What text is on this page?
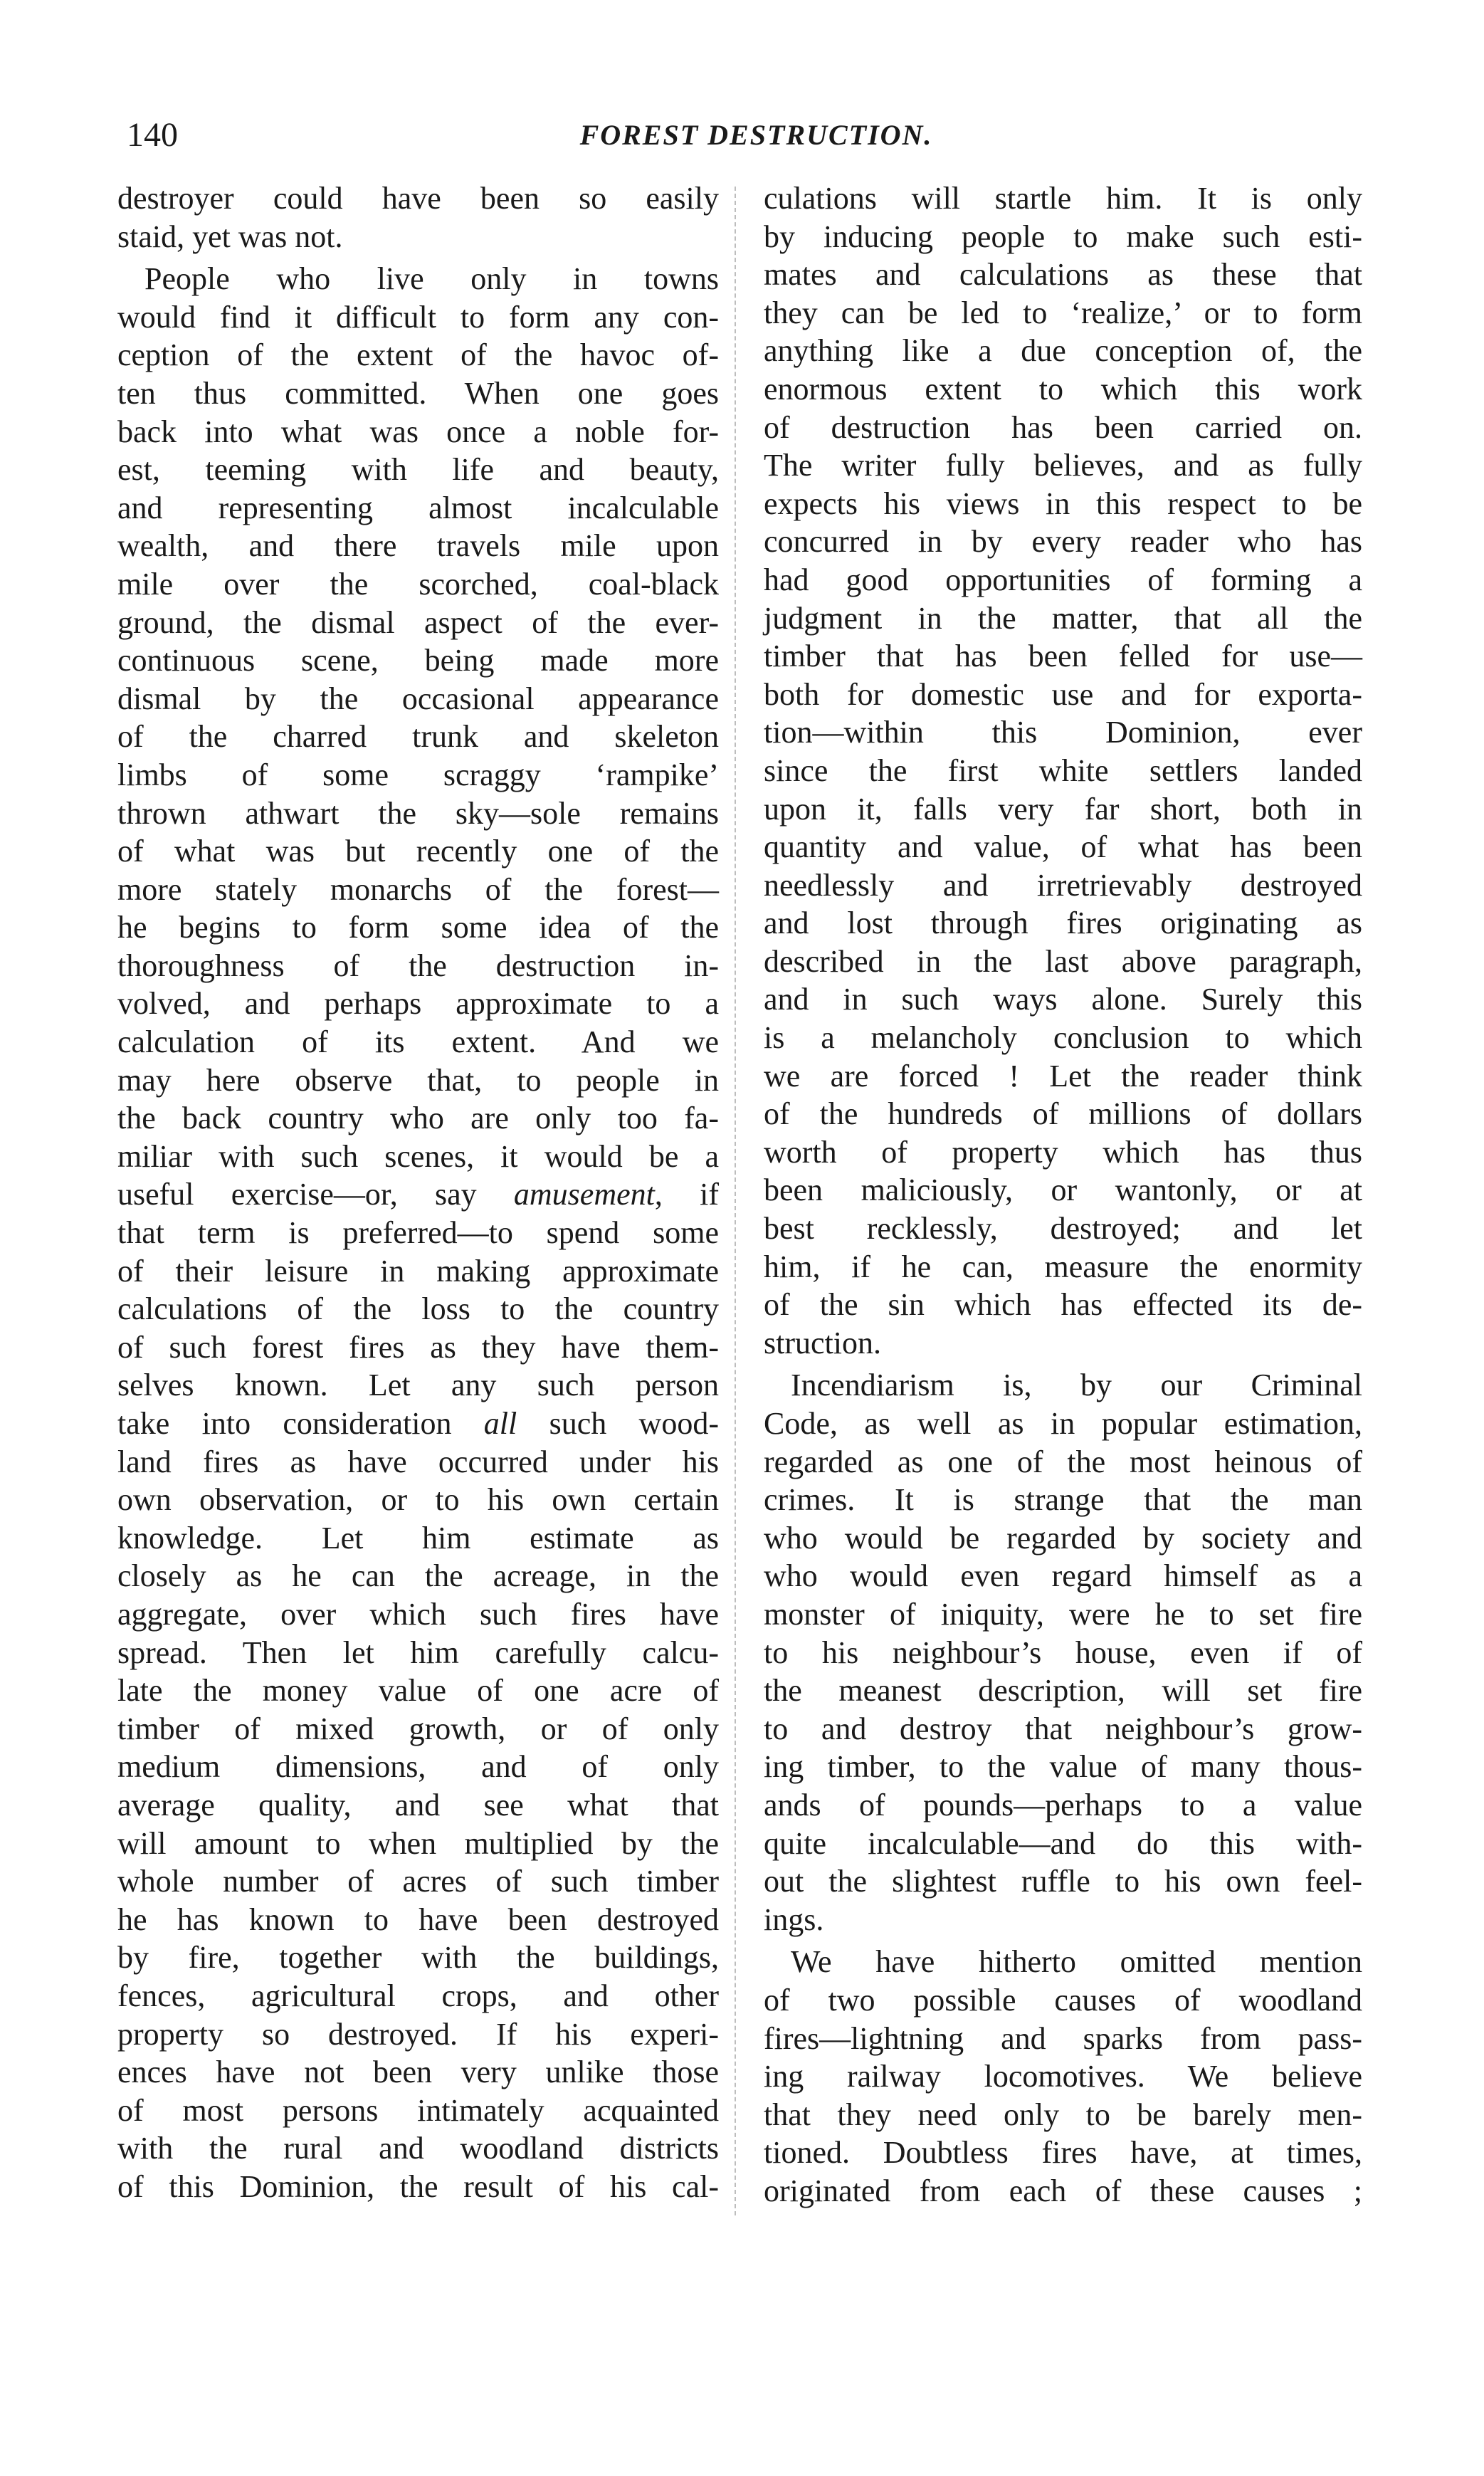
140	FOREST DESTRUCTION.
destroyer could have been so easily
staid, yet was not.
People who live only in towns
would find it difficult to form any con-
ception of the extent of the havoc of-
ten thus committed. When one goes
back into what was once a noble for-
est, teeming with life and beauty,
and representing almost incalculable
wealth, and there travels mile upon
mile over the scorched, coal-black
ground, the dismal aspect of the ever-
continuous scene, being made more
dismal by the occasional appearance
of the charred trunk and skeleton
limbs of some scraggy ‘rampike’
thrown athwart the sky—sole remains
of what was but recently one of the
more stately monarchs of the forest—
he begins to form some idea of the
thoroughness of the destruction in-
volved, and perhaps approximate to a
calculation of its extent. And we
may here observe that, to people in
the back country who are only too fa-
miliar with such scenes, it would be a
useful exercise—or, say amusement, if
that term is preferred—to spend some
of their leisure in making approximate
calculations of the loss to the country
of such forest fires as they have them-
selves known. Let any such person
take into consideration all such wood-
land fires as have occurred under his
own observation, or to his own certain
knowledge. Let him estimate as
closely as he can the acreage, in the
aggregate, over which such fires have
spread. Then let him carefully calcu-
late the money value of one acre of
timber of mixed growth, or of only
medium dimensions, and of only
average quality, and see what that
will amount to when multiplied by the
whole number of acres of such timber
he has known to have been destroyed
by fire, together with the buildings,
fences, agricultural crops, and other
property so destroyed. If his experi-
ences have not been very unlike those
of most persons intimately acquainted
with the rural and woodland districts
of this Dominion, the result of his cal-
culations will startle him. It is only
by inducing people to make such esti-
mates and calculations as these that
they can be led to ‘realize,’ or to form
anything like a due conception of, the
enormous extent to which this work
of destruction has been carried on.
The writer fully believes, and as fully
expects his views in this respect to be
concurred in by every reader who has
had good opportunities of forming a
judgment in the matter, that all the
timber that has been felled for use—
both for domestic use and for exporta-
tion—within this Dominion, ever
since the first white settlers landed
upon it, falls very far short, both in
quantity and value, of what has been
needlessly and irretrievably destroyed
and lost through fires originating as
described in the last above paragraph,
and in such ways alone. Surely this
is a melancholy conclusion to which
we are forced ! Let the reader think
of the hundreds of millions of dollars
worth of property which has thus
been maliciously, or wantonly, or at
best recklessly, destroyed; and let
him, if he can, measure the enormity
of the sin which has effected its de-
struction.
Incendiarism is, by our Criminal
Code, as well as in popular estimation,
regarded as one of the most heinous of
crimes. It is strange that the man
who would be regarded by society and
who would even regard himself as a
monster of iniquity, were he to set fire
to his neighbour’s house, even if of
the meanest description, will set fire
to and destroy that neighbour’s grow-
ing timber, to the value of many thous-
ands of pounds—perhaps to a value
quite incalculable—and do this with-
out the slightest ruffle to his own feel-
ings.
We have hitherto omitted mention
of two possible causes of woodland
fires—lightning and sparks from pass-
ing railway locomotives. We believe
that they need only to be barely men-
tioned. Doubtless fires have, at times,
originated from each of these causes ;
